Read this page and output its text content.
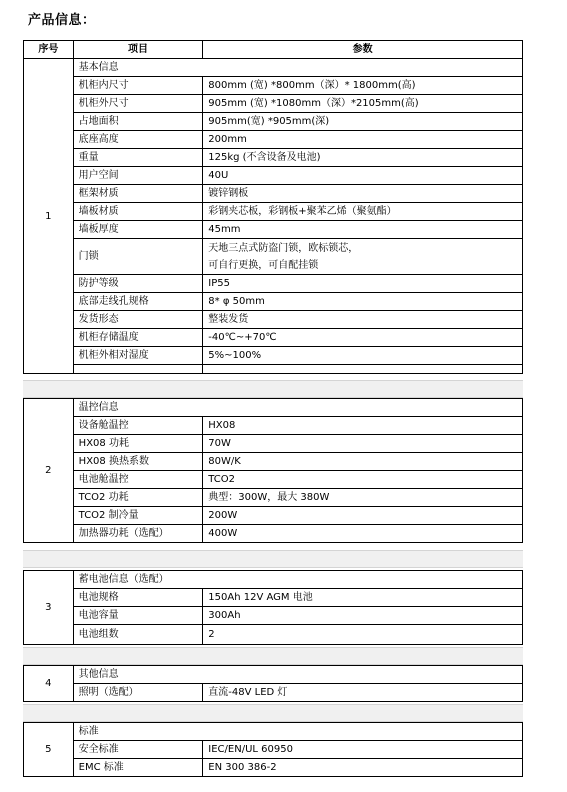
产品信息：
序号	项目	参数
1	基本信息	
	机柜内尺寸	800mm (宽) *800mm（深）* 1800mm(高)
	机柜外尺寸	905mm (宽) *1080mm（深）*2105mm(高)
	占地面积	905mm(宽) *905mm(深)
	底座高度	200mm
	重量	125kg (不含设备及电池)
	用户空间	40U
	框架材质	镀锌钢板
	墙板材质	彩钢夹芯板，彩钢板+聚苯乙烯（聚氨酯）
	墙板厚度	45mm
	门锁	天地三点式防盗门锁，欧标锁芯，
可自行更换，可自配挂锁

	防护等级	IP55
	底部走线孔规格	8* φ 50mm
	发货形态	整装发货
	机柜存储温度	-40℃~+70℃
	机柜外相对湿度	5%~100%

2	温控信息	
	设备舱温控	HX08
	HX08 功耗	70W
	HX08 换热系数	80W/K
	电池舱温控	TCO2
	TCO2 功耗	典型：300W，最大 380W
	TCO2 制冷量	200W
	加热器功耗（选配）	400W
3	蓄电池信息（选配）	
	电池规格	150Ah 12V AGM 电池
	电池容量	300Ah
	电池组数	2
4	其他信息	
	照明（选配）	直流-48V LED 灯
5	标准	
	安全标准	IEC/EN/UL 60950
	EMC 标准	EN 300 386-2
